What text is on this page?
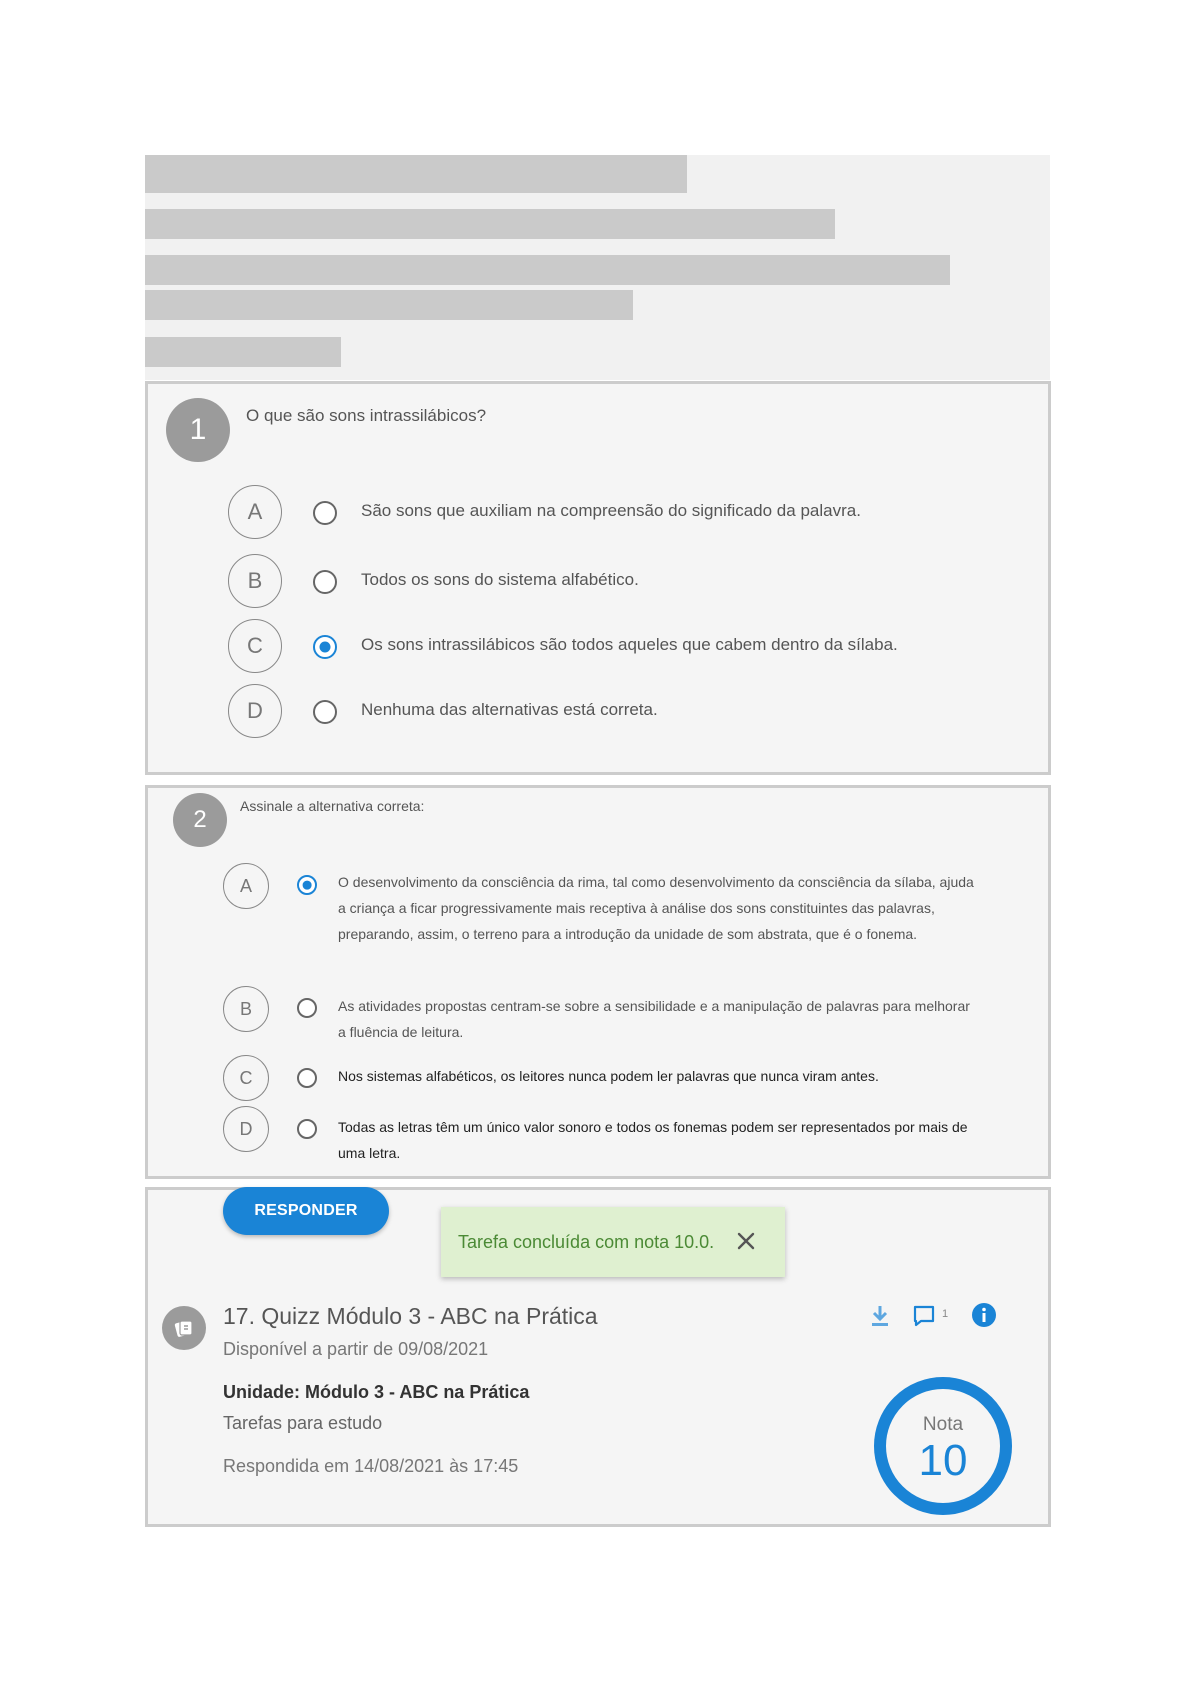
1	O que são sons intrassilábicos?
A	São sons que auxiliam na compreensão do significado da palavra.
B	Todos os sons do sistema alfabético.
C	Os sons intrassilábicos são todos aqueles que cabem dentro da sílaba.
D	Nenhuma das alternativas está correta.
2	Assinale a alternativa correta:
A	O desenvolvimento da consciência da rima, tal como desenvolvimento da consciência da sílaba, ajuda a criança a ficar progressivamente mais receptiva à análise dos sons constituintes das palavras, preparando, assim, o terreno para a introdução da unidade de som abstrata, que é o fonema.
B	As atividades propostas centram-se sobre a sensibilidade e a manipulação de palavras para melhorar a fluência de leitura.
C	Nos sistemas alfabéticos, os leitores nunca podem ler palavras que nunca viram antes.
D	Todas as letras têm um único valor sonoro e todos os fonemas podem ser representados por mais de uma letra.
RESPONDER
Tarefa concluída com nota 10.0.
17. Quizz Módulo 3 - ABC na Prática
Disponível a partir de 09/08/2021
Unidade: Módulo 3 - ABC na Prática
Tarefas para estudo
Respondida em 14/08/2021 às 17:45
1
Nota
10
